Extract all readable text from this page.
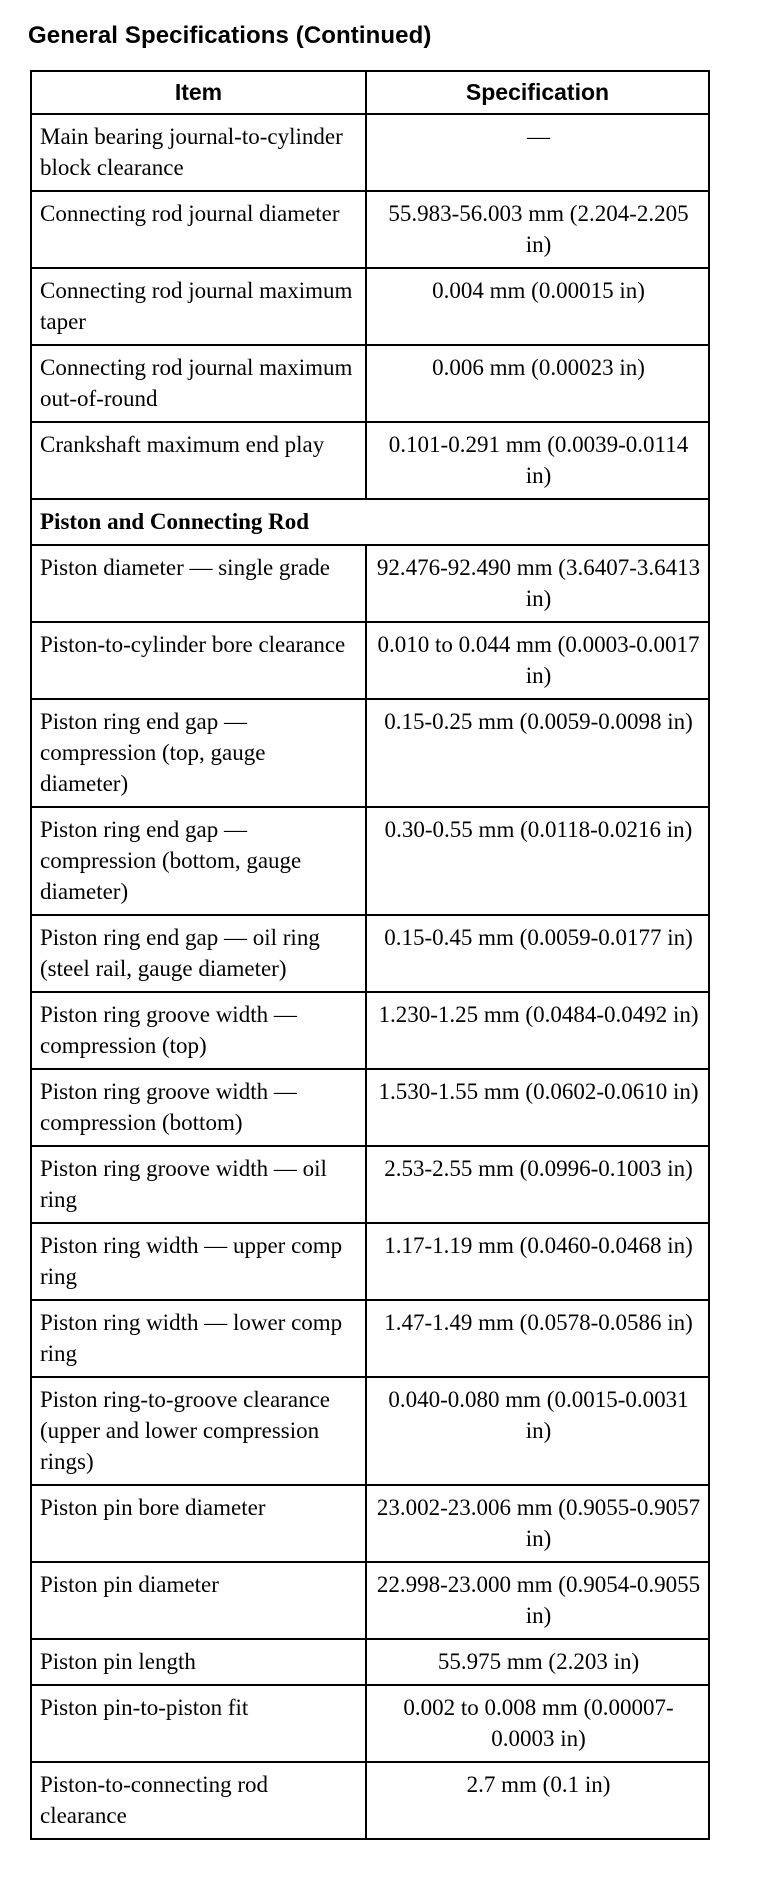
General Specifications (Continued)
Item	Specification
Main bearing journal-to-cylinder block clearance	—
Connecting rod journal diameter	55.983-56.003 mm (2.204-2.205 in)
Connecting rod journal maximum taper	0.004 mm (0.00015 in)
Connecting rod journal maximum out-of-round	0.006 mm (0.00023 in)
Crankshaft maximum end play	0.101-0.291 mm (0.0039-0.0114 in)
Piston and Connecting Rod	
Piston diameter — single grade	92.476-92.490 mm (3.6407-3.6413 in)
Piston-to-cylinder bore clearance	0.010 to 0.044 mm (0.0003-0.0017 in)
Piston ring end gap — compression (top, gauge diameter)	0.15-0.25 mm (0.0059-0.0098 in)
Piston ring end gap — compression (bottom, gauge diameter)	0.30-0.55 mm (0.0118-0.0216 in)
Piston ring end gap — oil ring (steel rail, gauge diameter)	0.15-0.45 mm (0.0059-0.0177 in)
Piston ring groove width — compression (top)	1.230-1.25 mm (0.0484-0.0492 in)
Piston ring groove width — compression (bottom)	1.530-1.55 mm (0.0602-0.0610 in)
Piston ring groove width — oil ring	2.53-2.55 mm (0.0996-0.1003 in)
Piston ring width — upper comp ring	1.17-1.19 mm (0.0460-0.0468 in)
Piston ring width — lower comp ring	1.47-1.49 mm (0.0578-0.0586 in)
Piston ring-to-groove clearance (upper and lower compression rings)	0.040-0.080 mm (0.0015-0.0031 in)
Piston pin bore diameter	23.002-23.006 mm (0.9055-0.9057 in)
Piston pin diameter	22.998-23.000 mm (0.9054-0.9055 in)
Piston pin length	55.975 mm (2.203 in)
Piston pin-to-piston fit	0.002 to 0.008 mm (0.00007-0.0003 in)
Piston-to-connecting rod clearance	2.7 mm (0.1 in)
